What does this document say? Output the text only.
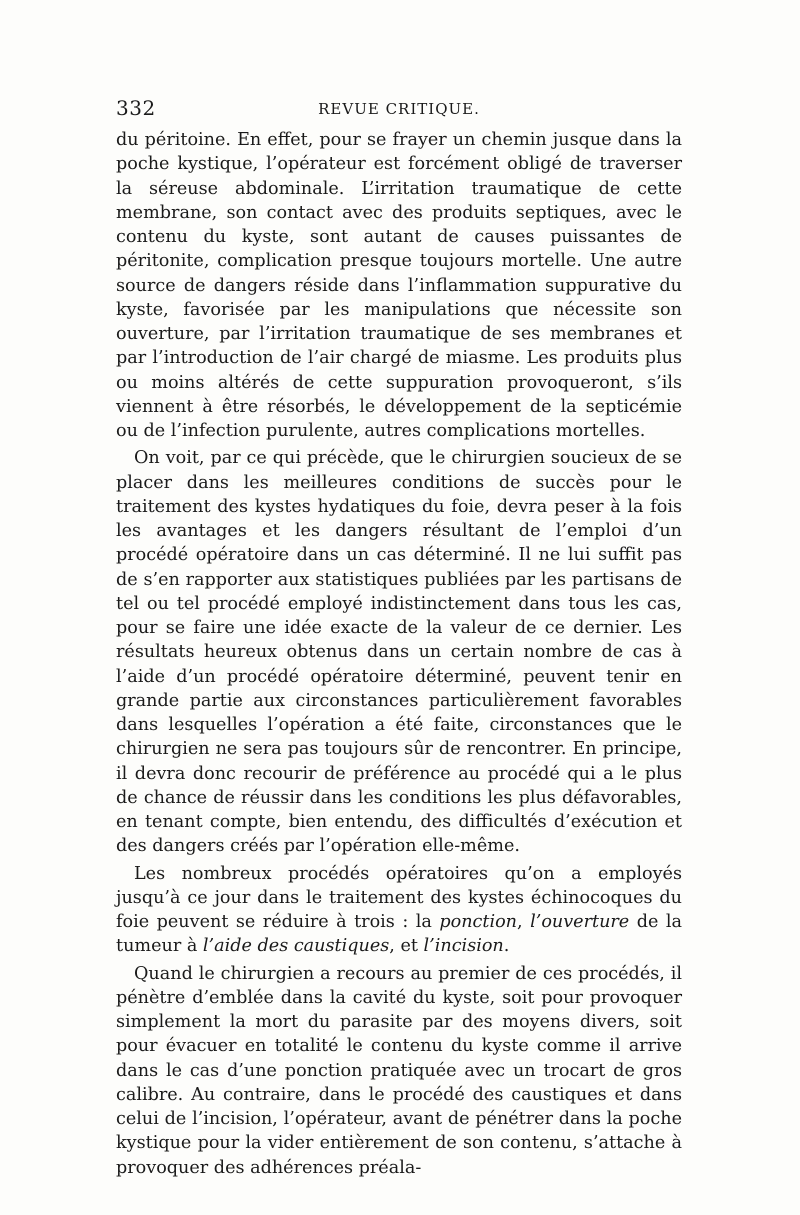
332	REVUE CRITIQUE.

du péritoine. En effet, pour se frayer un chemin jusque dans la poche kystique, l’opérateur est forcément obligé de traverser la séreuse abdominale. L’irritation traumatique de cette membrane, son contact avec des produits septiques, avec le contenu du kyste, sont autant de causes puissantes de péritonite, complication presque toujours mortelle. Une autre source de dangers réside dans l’inflammation suppurative du kyste, favorisée par les manipulations que nécessite son ouverture, par l’irritation traumatique de ses membranes et par l’introduction de l’air chargé de miasme. Les produits plus ou moins altérés de cette suppuration provoqueront, s’ils viennent à être résorbés, le développement de la septicémie ou de l’infection purulente, autres complications mortelles.

On voit, par ce qui précède, que le chirurgien soucieux de se placer dans les meilleures conditions de succès pour le traitement des kystes hydatiques du foie, devra peser à la fois les avantages et les dangers résultant de l’emploi d’un procédé opératoire dans un cas déterminé. Il ne lui suffit pas de s’en rapporter aux statistiques publiées par les partisans de tel ou tel procédé employé indistinctement dans tous les cas, pour se faire une idée exacte de la valeur de ce dernier. Les résultats heureux obtenus dans un certain nombre de cas à l’aide d’un procédé opératoire déterminé, peuvent tenir en grande partie aux circonstances particulièrement favorables dans lesquelles l’opération a été faite, circonstances que le chirurgien ne sera pas toujours sûr de rencontrer. En principe, il devra donc recourir de préférence au procédé qui a le plus de chance de réussir dans les conditions les plus défavorables, en tenant compte, bien entendu, des difficultés d’exécution et des dangers créés par l’opération elle-même.

Les nombreux procédés opératoires qu’on a employés jusqu’à ce jour dans le traitement des kystes échinocoques du foie peuvent se réduire à trois : la ponction, l’ouverture de la tumeur à l’aide des caustiques, et l’incision.

Quand le chirurgien a recours au premier de ces procédés, il pénètre d’emblée dans la cavité du kyste, soit pour provoquer simplement la mort du parasite par des moyens divers, soit pour évacuer en totalité le contenu du kyste comme il arrive dans le cas d’une ponction pratiquée avec un trocart de gros calibre. Au contraire, dans le procédé des caustiques et dans celui de l’incision, l’opérateur, avant de pénétrer dans la poche kystique pour la vider entièrement de son contenu, s’attache à provoquer des adhérences préala-
